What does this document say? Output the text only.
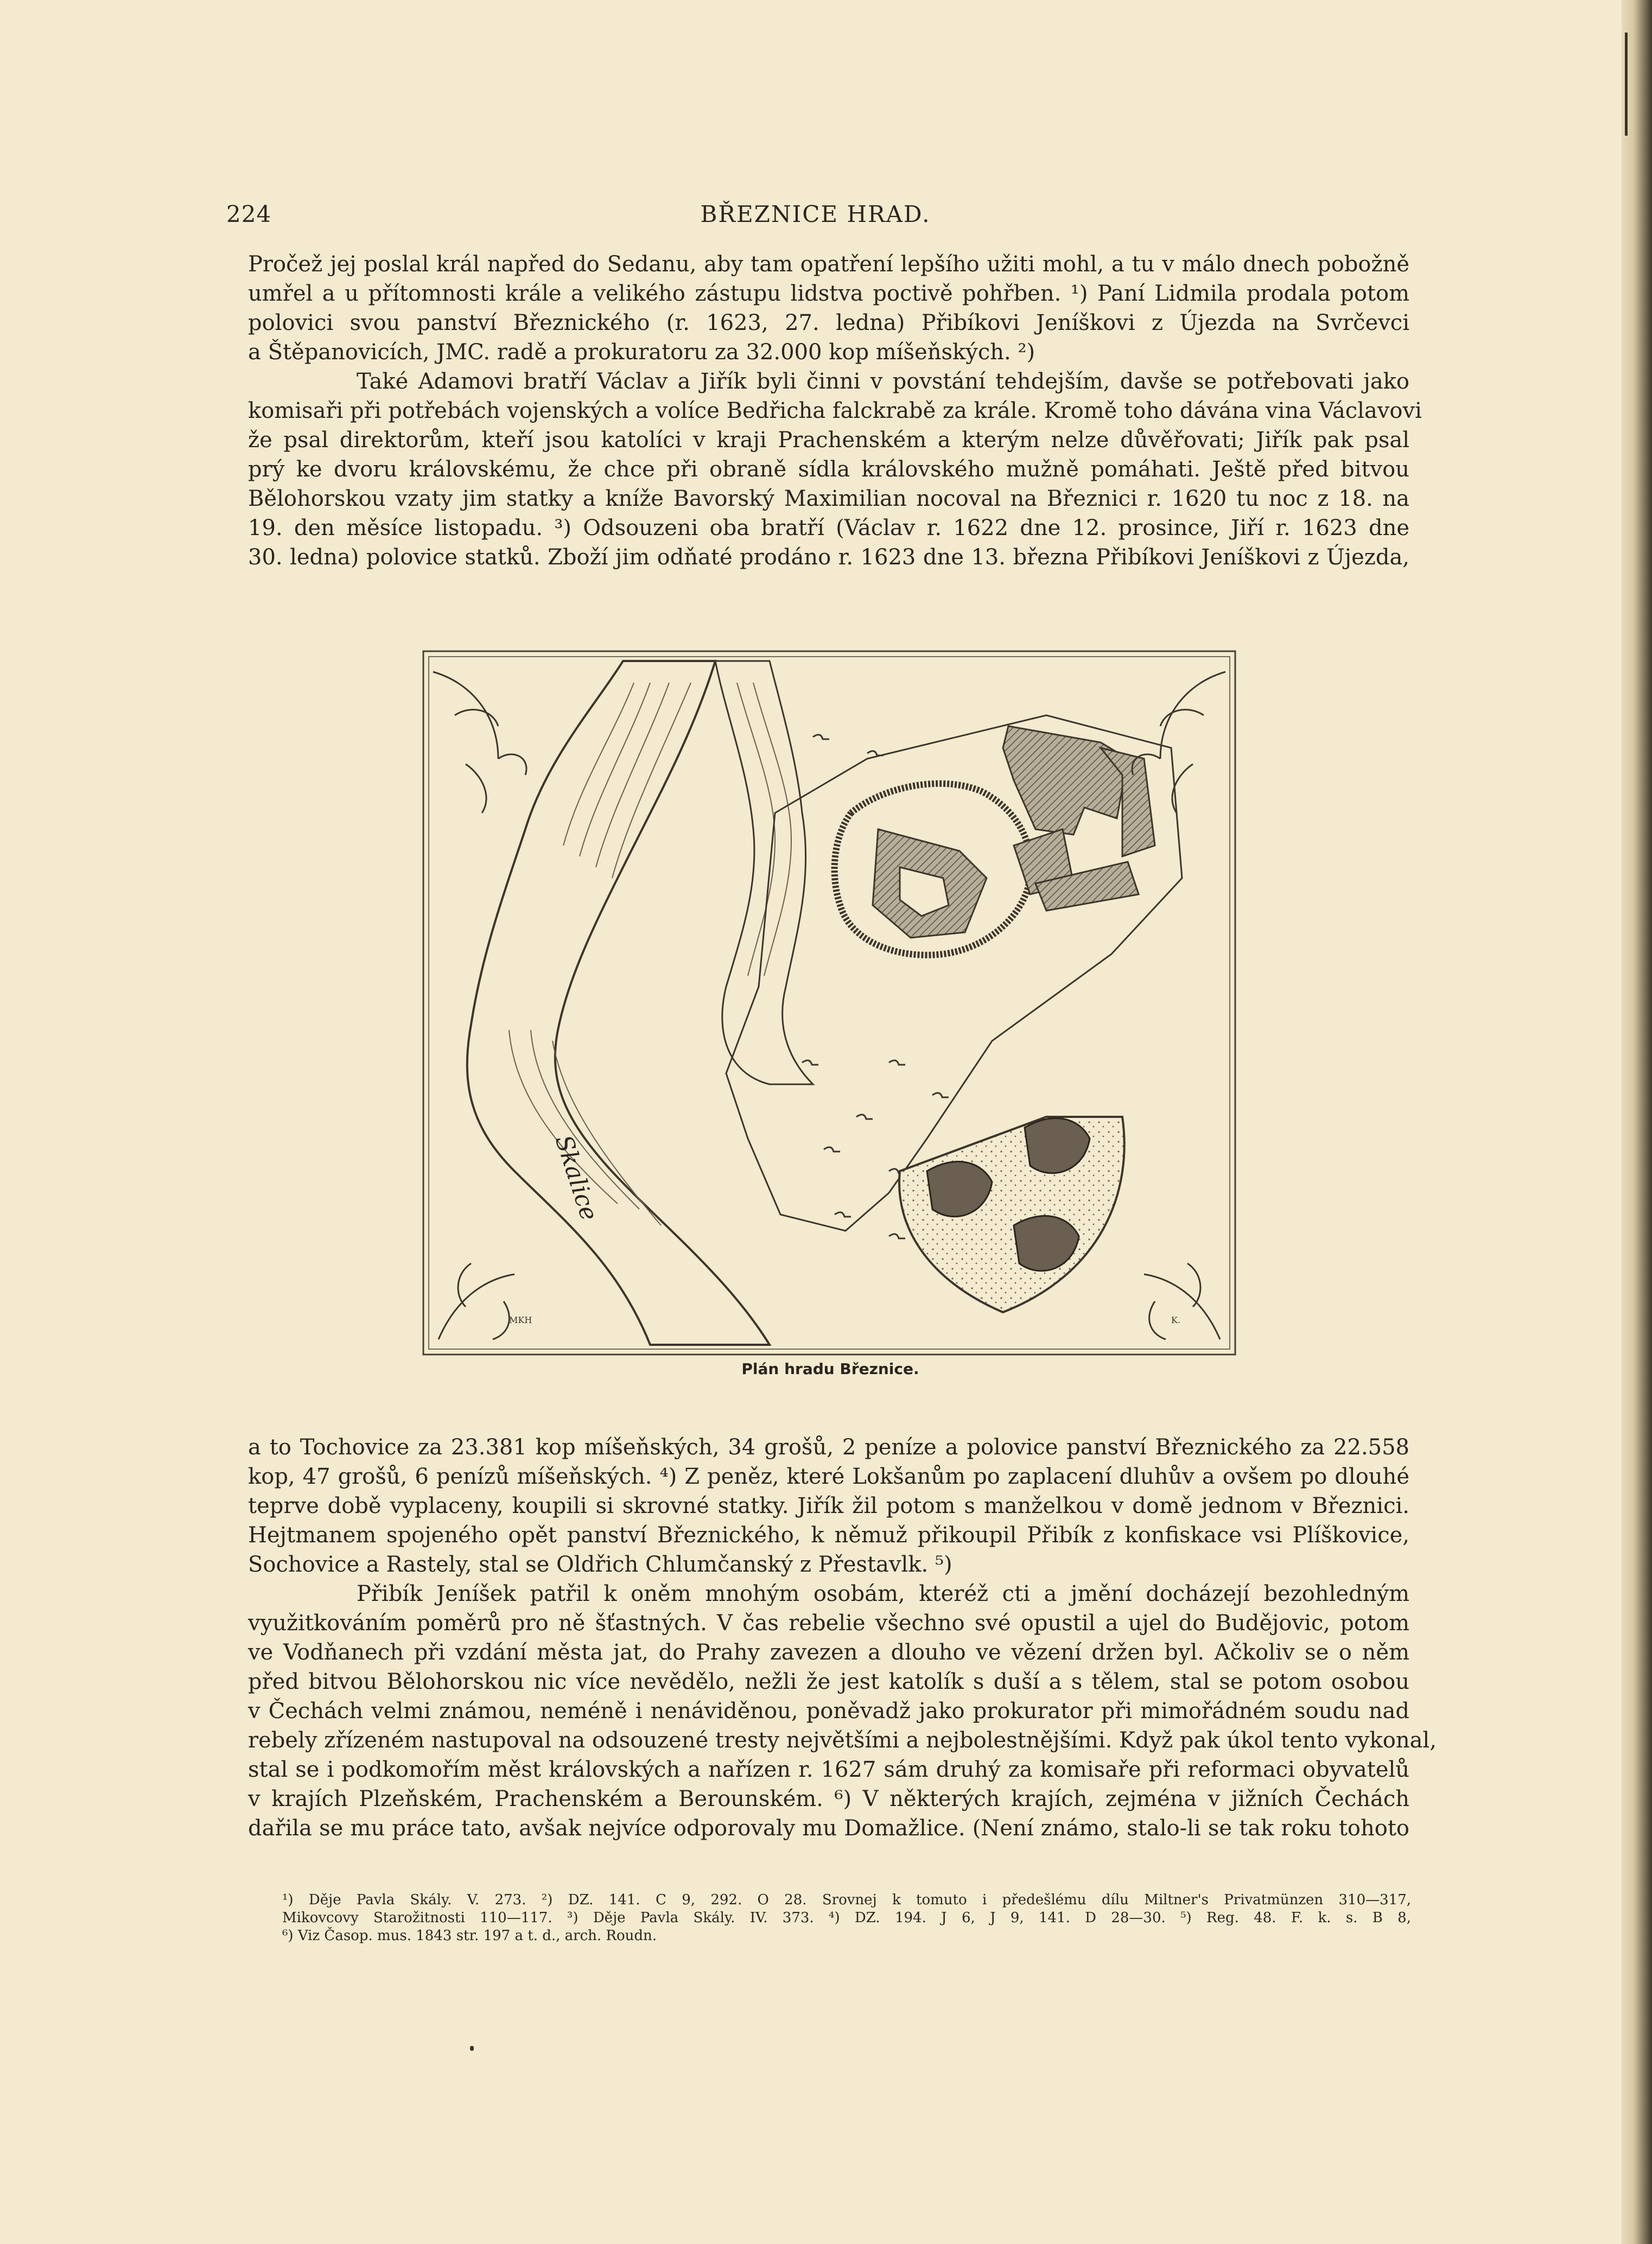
224	BŘEZNICE HRAD.
Pročež jej poslal král napřed do Sedanu, aby tam opatření lepšího užiti mohl, a tu v málo dnech pobožně
umřel a u přítomnosti krále a velikého zástupu lidstva poctivě pohřben. ¹) Paní Lidmila prodala potom
polovici svou panství Březnického (r. 1623, 27. ledna) Přibíkovi Jeníškovi z Újezda na Svrčevci
a Štěpanovicích, JMC. radě a prokuratoru za 32.000 kop míšeňských. ²)
Také Adamovi bratří Václav a Jiřík byli činni v povstání tehdejším, davše se potřebovati jako
komisaři při potřebách vojenských a volíce Bedřicha falckrabě za krále. Kromě toho dávána vina Václavovi
že psal direktorům, kteří jsou katolíci v kraji Prachenském a kterým nelze důvěřovati; Jiřík pak psal
prý ke dvoru královskému, že chce při obraně sídla královského mužně pomáhati. Ještě před bitvou
Bělohorskou vzaty jim statky a kníže Bavorský Maximilian nocoval na Březnici r. 1620 tu noc z 18. na
19. den měsíce listopadu. ³) Odsouzeni oba bratří (Václav r. 1622 dne 12. prosince, Jiří r. 1623 dne
30. ledna) polovice statků. Zboží jim odňaté prodáno r. 1623 dne 13. března Přibíkovi Jeníškovi z Újezda,
Skalice
MKH	K.
Plán hradu Březnice.
a to Tochovice za 23.381 kop míšeňských, 34 grošů, 2 peníze a polovice panství Březnického za 22.558
kop, 47 grošů, 6 penízů míšeňských. ⁴) Z peněz, které Lokšanům po zaplacení dluhův a ovšem po dlouhé
teprve době vyplaceny, koupili si skrovné statky. Jiřík žil potom s manželkou v domě jednom v Březnici.
Hejtmanem spojeného opět panství Březnického, k němuž přikoupil Přibík z konfiskace vsi Plíškovice,
Sochovice a Rastely, stal se Oldřich Chlumčanský z Přestavlk. ⁵)
Přibík Jeníšek patřil k oněm mnohým osobám, kteréž cti a jmění docházejí bezohledným
využitkováním poměrů pro ně šťastných. V čas rebelie všechno své opustil a ujel do Budějovic, potom
ve Vodňanech při vzdání města jat, do Prahy zavezen a dlouho ve vězení držen byl. Ačkoliv se o něm
před bitvou Bělohorskou nic více nevědělo, nežli že jest katolík s duší a s tělem, stal se potom osobou
v Čechách velmi známou, neméně i nenáviděnou, poněvadž jako prokurator při mimořádném soudu nad
rebely zřízeném nastupoval na odsouzené tresty největšími a nejbolestnějšími. Když pak úkol tento vykonal,
stal se i podkomořím měst královských a nařízen r. 1627 sám druhý za komisaře při reformaci obyvatelů
v krajích Plzeňském, Prachenském a Berounském. ⁶) V některých krajích, zejména v jižních Čechách
dařila se mu práce tato, avšak nejvíce odporovaly mu Domažlice. (Není známo, stalo-li se tak roku tohoto
¹) Děje Pavla Skály. V. 273. ²) DZ. 141. C 9, 292. O 28. Srovnej k tomuto i předešlému dílu Miltner's Privatmünzen 310—317,
Mikovcovy Starožitnosti 110—117. ³) Děje Pavla Skály. IV. 373. ⁴) DZ. 194. J 6, J 9, 141. D 28—30. ⁵) Reg. 48. F. k. s. B 8,
⁶) Viz Časop. mus. 1843 str. 197 a t. d., arch. Roudn.
